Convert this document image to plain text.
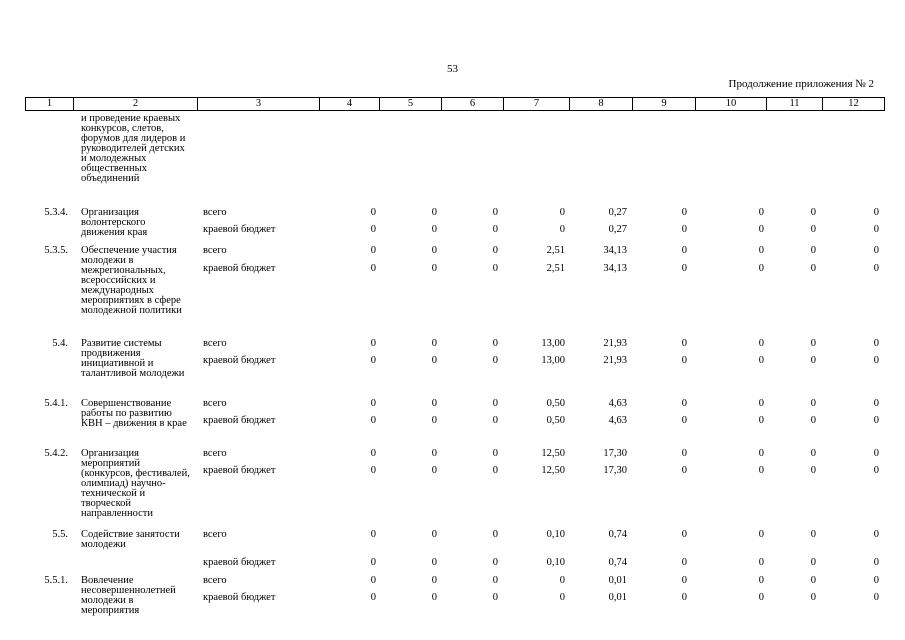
53
Продолжение приложения № 2
1	2	3	4	5	6	7	8	9	10	11	12
и проведение краевых конкурсов, слетов, форумов для лидеров и руководителей детских и молодежных общественных объединений
5.3.4. Организация волонтерского движения края
всего	0	0	0	0	0,27	0	0	0	0
краевой бюджет	0	0	0	0	0,27	0	0	0	0
5.3.5. Обеспечение участия молодежи в межрегиональных, всероссийских и международных мероприятиях в сфере молодежной политики
всего	0	0	0	2,51	34,13	0	0	0	0
краевой бюджет	0	0	0	2,51	34,13	0	0	0	0
5.4. Развитие системы продвижения инициативной и талантливой молодежи
всего	0	0	0	13,00	21,93	0	0	0	0
краевой бюджет	0	0	0	13,00	21,93	0	0	0	0
5.4.1. Совершенствование работы по развитию КВН – движения в крае
всего	0	0	0	0,50	4,63	0	0	0	0
краевой бюджет	0	0	0	0,50	4,63	0	0	0	0
5.4.2. Организация мероприятий (конкурсов, фестивалей, олимпиад) научно-технической и творческой направленности
всего	0	0	0	12,50	17,30	0	0	0	0
краевой бюджет	0	0	0	12,50	17,30	0	0	0	0
5.5. Содействие занятости молодежи
всего	0	0	0	0,10	0,74	0	0	0	0
краевой бюджет	0	0	0	0,10	0,74	0	0	0	0
5.5.1. Вовлечение несовершеннолетней молодежи в мероприятия
всего	0	0	0	0	0,01	0	0	0	0
краевой бюджет	0	0	0	0	0,01	0	0	0	0
